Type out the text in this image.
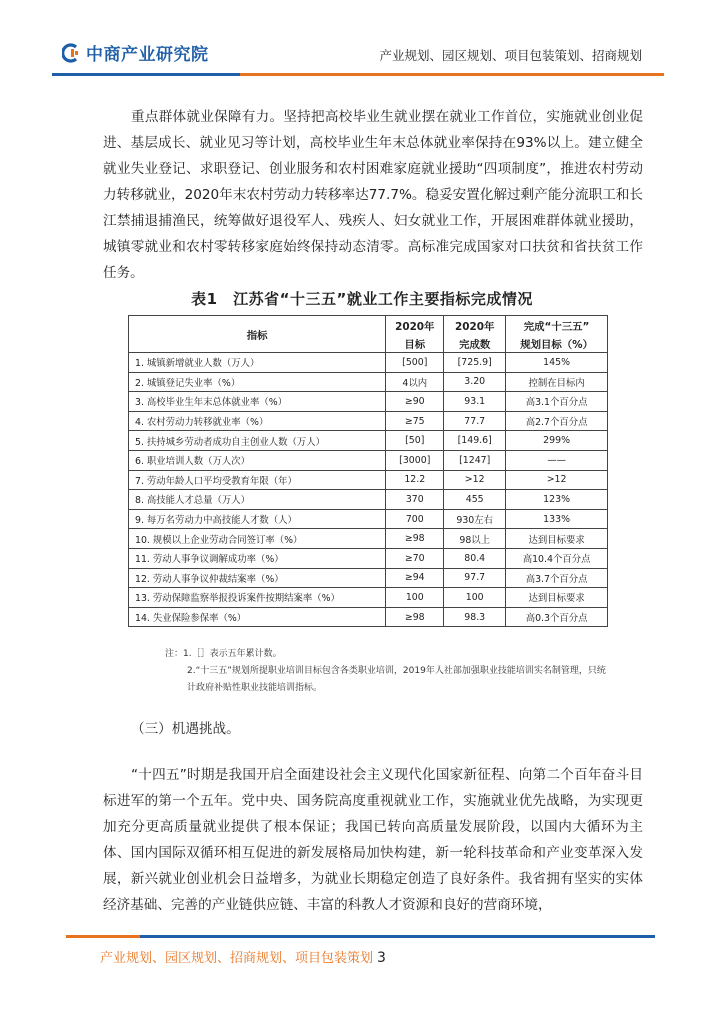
中商产业研究院	产业规划、园区规划、项目包装策划、招商规划

重点群体就业保障有力。坚持把高校毕业生就业摆在就业工作首位，实施就业创业促进、基层成长、就业见习等计划，高校毕业生年末总体就业率保持在93%以上。建立健全就业失业登记、求职登记、创业服务和农村困难家庭就业援助“四项制度”，推进农村劳动力转移就业，2020年末农村劳动力转移率达77.7%。稳妥安置化解过剩产能分流职工和长江禁捕退捕渔民，统筹做好退役军人、残疾人、妇女就业工作，开展困难群体就业援助，城镇零就业和农村零转移家庭始终保持动态清零。高标准完成国家对口扶贫和省扶贫工作任务。

表1　江苏省“十三五”就业工作主要指标完成情况
指标	2020年	2020年	完成“十三五”
	目标	完成数	规划目标（%）
1. 城镇新增就业人数（万人）	[500]	[725.9]	145%
2. 城镇登记失业率（%）	4以内	3.20	控制在目标内
3. 高校毕业生年末总体就业率（%）	≥90	93.1	高3.1个百分点
4. 农村劳动力转移就业率（%）	≥75	77.7	高2.7个百分点
5. 扶持城乡劳动者成功自主创业人数（万人）	[50]	[149.6]	299%
6. 职业培训人数（万人次）	[3000]	[1247]	——
7. 劳动年龄人口平均受教育年限（年）	12.2	>12	>12
8. 高技能人才总量（万人）	370	455	123%
9. 每万名劳动力中高技能人才数（人）	700	930左右	133%
10. 规模以上企业劳动合同签订率（%）	≥98	98以上	达到目标要求
11. 劳动人事争议调解成功率（%）	≥70	80.4	高10.4个百分点
12. 劳动人事争议仲裁结案率（%）	≥94	97.7	高3.7个百分点
13. 劳动保障监察举报投诉案件按期结案率（%）	100	100	达到目标要求
14. 失业保险参保率（%）	≥98	98.3	高0.3个百分点
注：1.［］表示五年累计数。
2.“十三五”规划所提职业培训目标包含各类职业培训，2019年人社部加强职业技能培训实名制管理，只统计政府补贴性职业技能培训指标。
（三）机遇挑战。

“十四五”时期是我国开启全面建设社会主义现代化国家新征程、向第二个百年奋斗目标进军的第一个五年。党中央、国务院高度重视就业工作，实施就业优先战略，为实现更加充分更高质量就业提供了根本保证；我国已转向高质量发展阶段，以国内大循环为主体、国内国际双循环相互促进的新发展格局加快构建，新一轮科技革命和产业变革深入发展，新兴就业创业机会日益增多，为就业长期稳定创造了良好条件。我省拥有坚实的实体经济基础、完善的产业链供应链、丰富的科教人才资源和良好的营商环境，

产业规划、园区规划、招商规划、项目包装策划 3
